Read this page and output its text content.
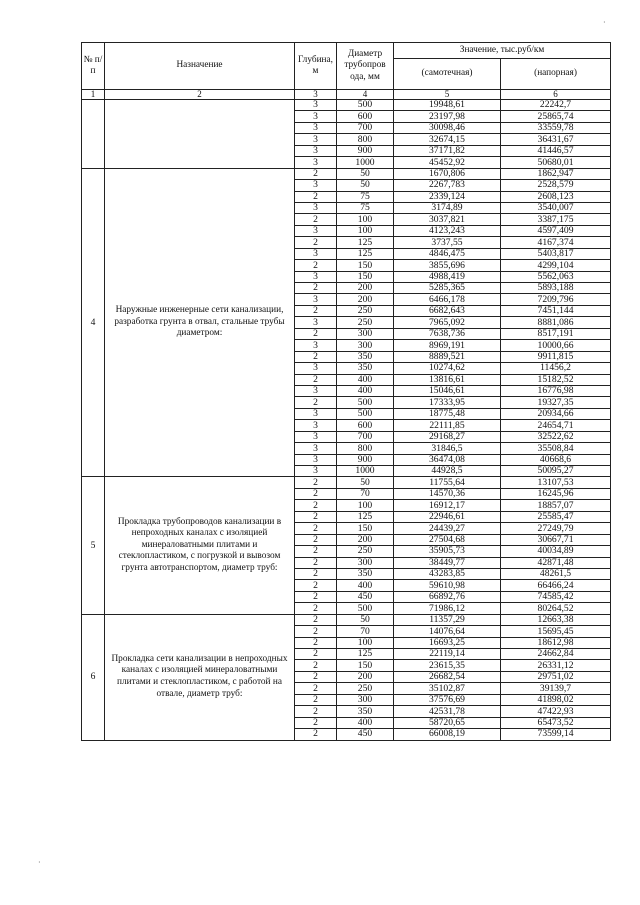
№ п/п	Назначение	Глубина, м	Диаметр трубопров ода, мм	Значение, тыс.руб/км	
				(самотечная)	(напорная)
1	2	3	4	5	6
		3	500	19948,61	22242,7
		3	600	23197,98	25865,74
		3	700	30098,46	33559,78
		3	800	32674,15	36431,67
		3	900	37171,82	41446,57
		3	1000	45452,92	50680,01
4	Наружные инженерные сети канализации, разработка грунта в отвал, стальные трубы диаметром:	2	50	1670,806	1862,947
		3	50	2267,783	2528,579
		2	75	2339,124	2608,123
		3	75	3174,89	3540,007
		2	100	3037,821	3387,175
		3	100	4123,243	4597,409
		2	125	3737,55	4167,374
		3	125	4846,475	5403,817
		2	150	3855,696	4299,104
		3	150	4988,419	5562,063
		2	200	5285,365	5893,188
		3	200	6466,178	7209,796
		2	250	6682,643	7451,144
		3	250	7965,092	8881,086
		2	300	7638,736	8517,191
		3	300	8969,191	10000,66
		2	350	8889,521	9911,815
		3	350	10274,62	11456,2
		2	400	13816,61	15182,52
		3	400	15046,61	16776,98
		2	500	17333,95	19327,35
		3	500	18775,48	20934,66
		3	600	22111,85	24654,71
		3	700	29168,27	32522,62
		3	800	31846,5	35508,84
		3	900	36474,08	40668,6
		3	1000	44928,5	50095,27
5	Прокладка трубопроводов канализации в непроходных каналах с изоляцией минераловатными плитами и стеклопластиком, с погрузкой и вывозом грунта автотранспортом, диаметр труб:	2	50	11755,64	13107,53
		2	70	14570,36	16245,96
		2	100	16912,17	18857,07
		2	125	22946,61	25585,47
		2	150	24439,27	27249,79
		2	200	27504,68	30667,71
		2	250	35905,73	40034,89
		2	300	38449,77	42871,48
		2	350	43283,85	48261,5
		2	400	59610,98	66466,24
		2	450	66892,76	74585,42
		2	500	71986,12	80264,52
6	Прокладка сети канализации в непроходных каналах с изоляцией минераловатными плитами и стеклопластиком, с работой на отвале, диаметр труб:	2	50	11357,29	12663,38
		2	70	14076,64	15695,45
		2	100	16693,25	18612,98
		2	125	22119,14	24662,84
		2	150	23615,35	26331,12
		2	200	26682,54	29751,02
		2	250	35102,87	39139,7
		2	300	37576,69	41898,02
		2	350	42531,78	47422,93
		2	400	58720,65	65473,52
		2	450	66008,19	73599,14
·
·
